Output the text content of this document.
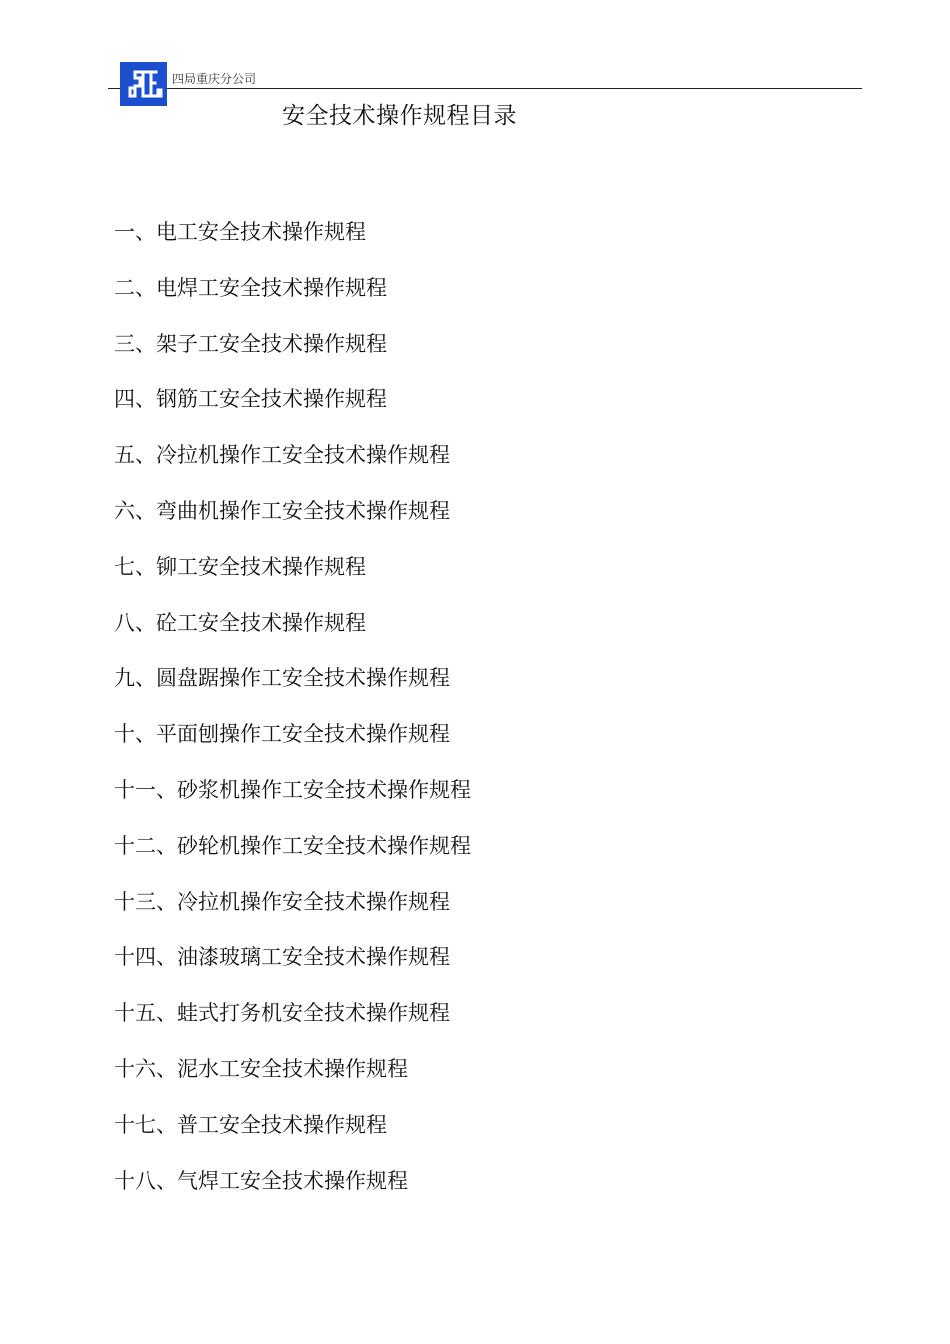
四局重庆分公司
安全技术操作规程目录
一、电工安全技术操作规程
二、电焊工安全技术操作规程
三、架子工安全技术操作规程
四、钢筋工安全技术操作规程
五、冷拉机操作工安全技术操作规程
六、弯曲机操作工安全技术操作规程
七、铆工安全技术操作规程
八、砼工安全技术操作规程
九、圆盘踞操作工安全技术操作规程
十、平面刨操作工安全技术操作规程
十一、砂浆机操作工安全技术操作规程
十二、砂轮机操作工安全技术操作规程
十三、冷拉机操作安全技术操作规程
十四、油漆玻璃工安全技术操作规程
十五、蛙式打务机安全技术操作规程
十六、泥水工安全技术操作规程
十七、普工安全技术操作规程
十八、气焊工安全技术操作规程
